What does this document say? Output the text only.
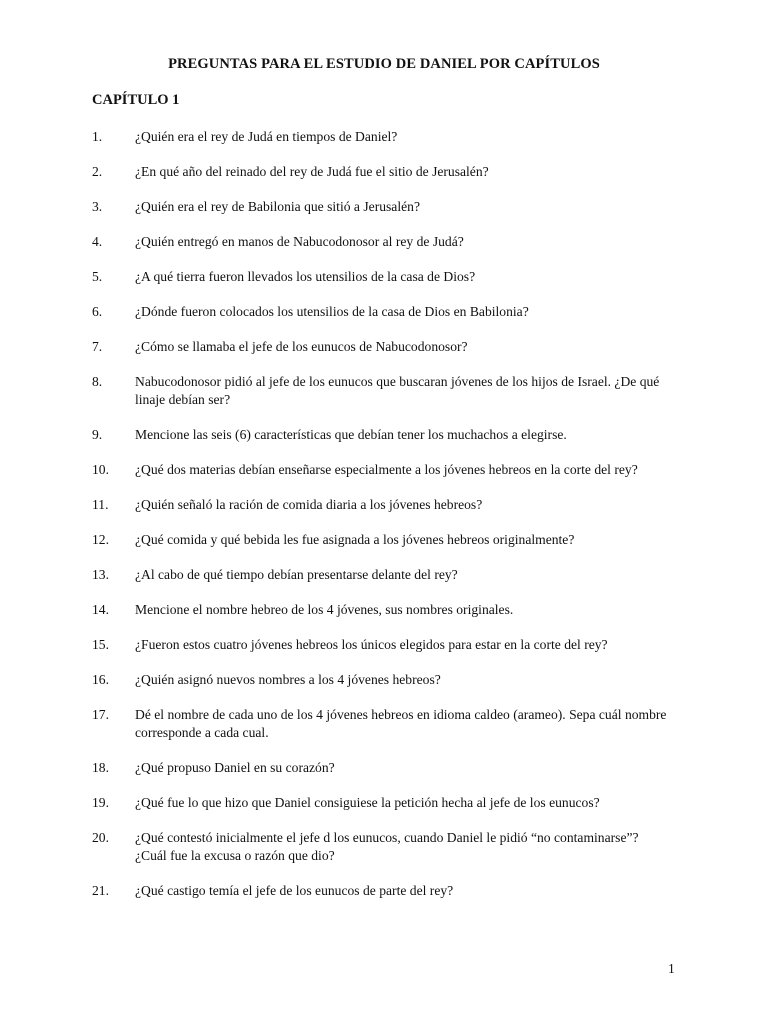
PREGUNTAS PARA EL ESTUDIO DE DANIEL POR CAPÍTULOS
CAPÍTULO 1
1.	¿Quién era el rey de Judá en tiempos de Daniel?
2.	¿En qué año del reinado del rey de Judá fue el sitio de Jerusalén?
3.	¿Quién era el rey de Babilonia que sitió a Jerusalén?
4.	¿Quién entregó en manos de Nabucodonosor al rey de Judá?
5.	¿A qué tierra fueron llevados los utensilios de la casa de Dios?
6.	¿Dónde fueron colocados los utensilios de la casa de Dios en Babilonia?
7.	¿Cómo se llamaba el jefe de los eunucos de Nabucodonosor?
8.	Nabucodonosor pidió al jefe de los eunucos que buscaran jóvenes de los hijos de Israel. ¿De qué linaje debían ser?
9.	Mencione las seis (6) características que debían tener los muchachos a elegirse.
10.	¿Qué dos materias debían enseñarse especialmente a los jóvenes hebreos en la corte del rey?
11.	¿Quién señaló la ración de comida diaria a los jóvenes hebreos?
12.	¿Qué comida y qué bebida les fue asignada a los jóvenes hebreos originalmente?
13.	¿Al cabo de qué tiempo debían presentarse delante del rey?
14.	Mencione el nombre hebreo de los 4 jóvenes, sus nombres originales.
15.	¿Fueron estos cuatro jóvenes hebreos los únicos elegidos para estar en la corte del rey?
16.	¿Quién asignó nuevos nombres a los 4 jóvenes hebreos?
17.	Dé el nombre de cada uno de los 4 jóvenes hebreos en idioma caldeo (arameo). Sepa cuál nombre corresponde a cada cual.
18.	¿Qué propuso Daniel en su corazón?
19.	¿Qué fue lo que hizo que Daniel consiguiese la petición hecha al jefe de los eunucos?
20.	¿Qué contestó inicialmente el jefe d los eunucos, cuando Daniel le pidió “no contaminarse”? ¿Cuál fue la excusa o razón que dio?
21.	¿Qué castigo temía el jefe de los eunucos de parte del rey?
1
